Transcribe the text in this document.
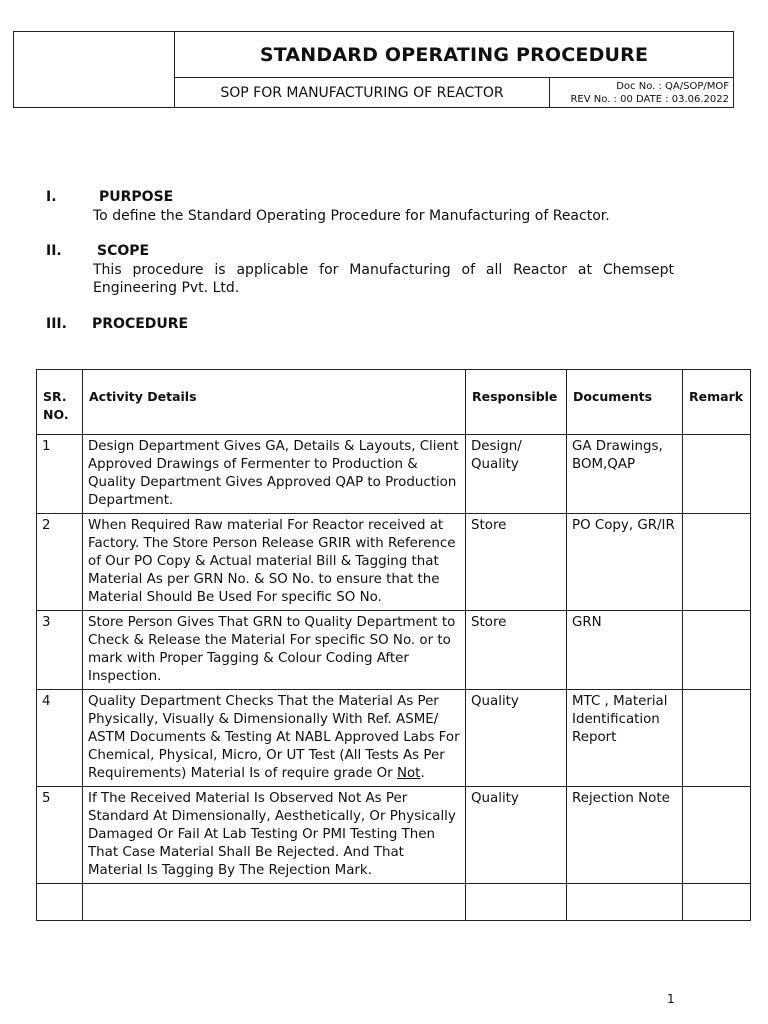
STANDARD OPERATING PROCEDURE
SOP FOR MANUFACTURING OF REACTOR	Doc No. : QA/SOP/MOF
REV No. : 00 DATE : 03.06.2022
I.	PURPOSE
To define the Standard Operating Procedure for Manufacturing of Reactor.
II.	SCOPE
This procedure is applicable for Manufacturing of all Reactor at Chemsept Engineering Pvt. Ltd.
III. PROCEDURE
SR. NO.	Activity Details	Responsible	Documents	Remark
1	Design Department Gives GA, Details & Layouts, Client Approved Drawings of Fermenter to Production & Quality Department Gives Approved QAP to Production Department.	Design/ Quality	GA Drawings, BOM,QAP	
2	When Required Raw material For Reactor received at Factory. The Store Person Release GRIR with Reference of Our PO Copy & Actual material Bill & Tagging that Material As per GRN No. & SO No. to ensure that the Material Should Be Used For specific SO No.	Store	PO Copy, GR/IR	
3	Store Person Gives That GRN to Quality Department to Check & Release the Material For specific SO No. or to mark with Proper Tagging & Colour Coding After Inspection.	Store	GRN	
4	Quality Department Checks That the Material As Per Physically, Visually & Dimensionally With Ref. ASME/ ASTM Documents & Testing At NABL Approved Labs For Chemical, Physical, Micro, Or UT Test (All Tests As Per Requirements) Material Is of require grade Or Not.	Quality	MTC , Material Identification Report	
5	If The Received Material Is Observed Not As Per Standard At Dimensionally, Aesthetically, Or Physically Damaged Or Fail At Lab Testing Or PMI Testing Then That Case Material Shall Be Rejected. And That Material Is Tagging By The Rejection Mark.	Quality	Rejection Note	

1
